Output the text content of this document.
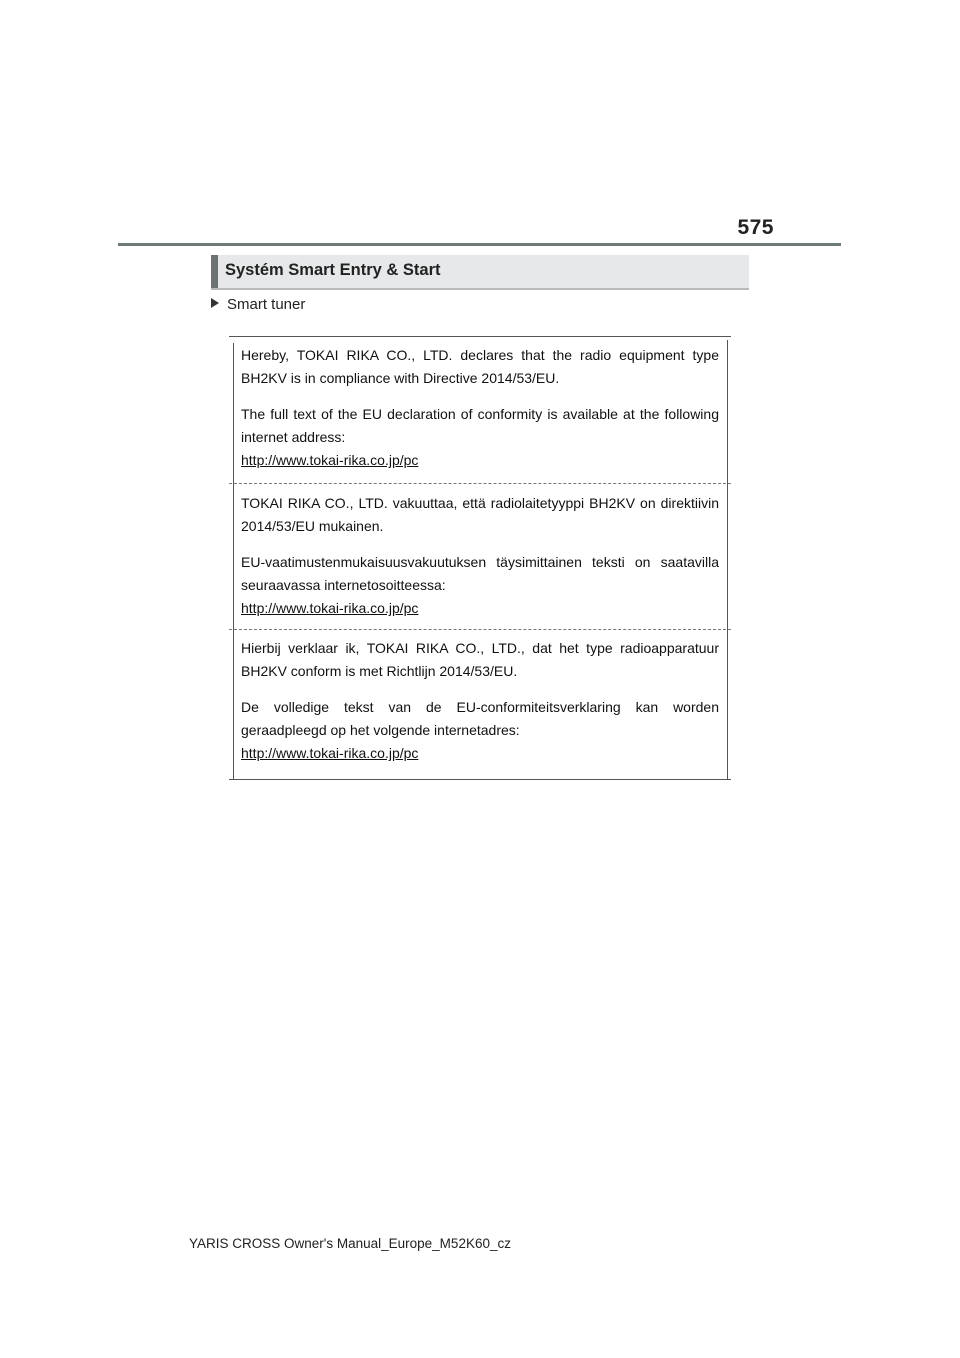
575
Systém Smart Entry & Start
Smart tuner

Hereby, TOKAI RIKA CO., LTD. declares that the radio equipment type BH2KV is in compliance with Directive 2014/53/EU.

The full text of the EU declaration of conformity is available at the following internet address:

http://www.tokai-rika.co.jp/pc

TOKAI RIKA CO., LTD. vakuuttaa, että radiolaitetyyppi BH2KV on direktiivin 2014/53/EU mukainen.

EU-vaatimustenmukaisuusvakuutuksen täysimittainen teksti on saatavilla seuraavassa internetosoitteessa:

http://www.tokai-rika.co.jp/pc

Hierbij verklaar ik, TOKAI RIKA CO., LTD., dat het type radioapparatuur BH2KV conform is met Richtlijn 2014/53/EU.

De volledige tekst van de EU-conformiteitsverklaring kan worden geraadpleegd op het volgende internetadres:

http://www.tokai-rika.co.jp/pc
YARIS CROSS Owner's Manual_Europe_M52K60_cz
